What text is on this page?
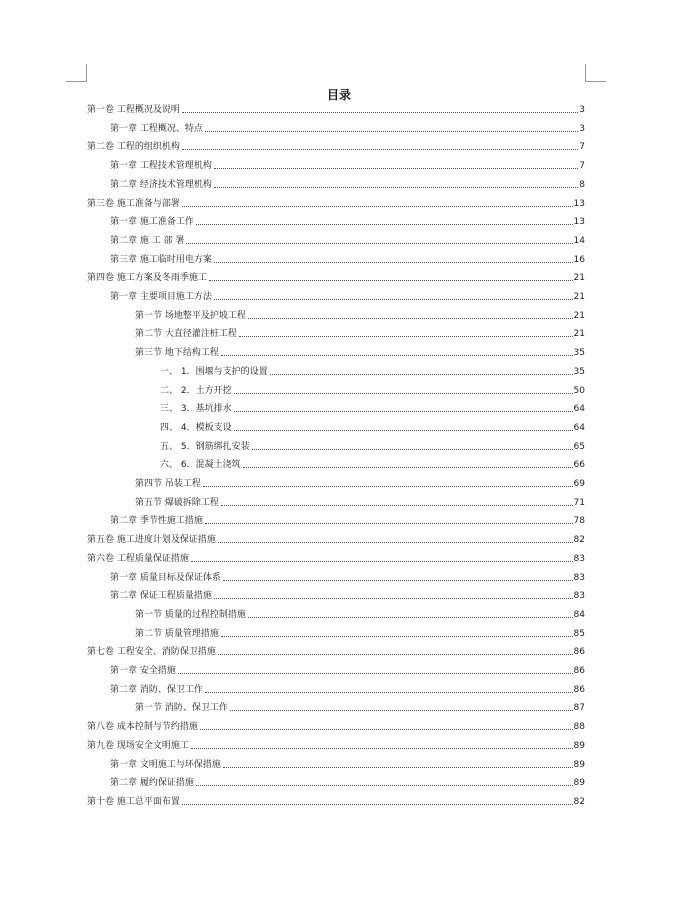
目录
第一卷 工程概况及说明	3
第一章 工程概况、特点	3
第二卷 工程的组织机构	7
第一章 工程技术管理机构	7
第二章 经济技术管理机构	8
第三卷 施工准备与部署	13
第一章 施工准备工作	13
第二章 施 工 部 署	14
第三章 施工临时用电方案	16
第四卷 施工方案及冬雨季施工	21
第一章 主要项目施工方法	21
第一节 场地整平及护坡工程	21
第二节 大直径灌注桩工程	21
第三节 地下结构工程	35
一、 1．围堰与支护的设置	35
二、 2．土方开挖	50
三、 3．基坑排水	64
四、 4．模板支设	64
五、 5．钢筋绑扎安装	65
六、 6．混凝土浇筑	66
第四节 吊装工程	69
第五节 爆破拆除工程	71
第二章 季节性施工措施	78
第五卷 施工进度计划及保证措施	82
第六卷 工程质量保证措施	83
第一章 质量目标及保证体系	83
第二章 保证工程质量措施	83
第一节 质量的过程控制措施	84
第二节 质量管理措施	85
第七卷 工程安全、消防保卫措施	86
第一章 安全措施	86
第二章 消防、保卫工作	86
第一节 消防、保卫工作	87
第八卷 成本控制与节约措施	88
第九卷 现场安全文明施工	89
第一章 文明施工与环保措施	89
第二章 履约保证措施	89
第十卷 施工总平面布置	82
